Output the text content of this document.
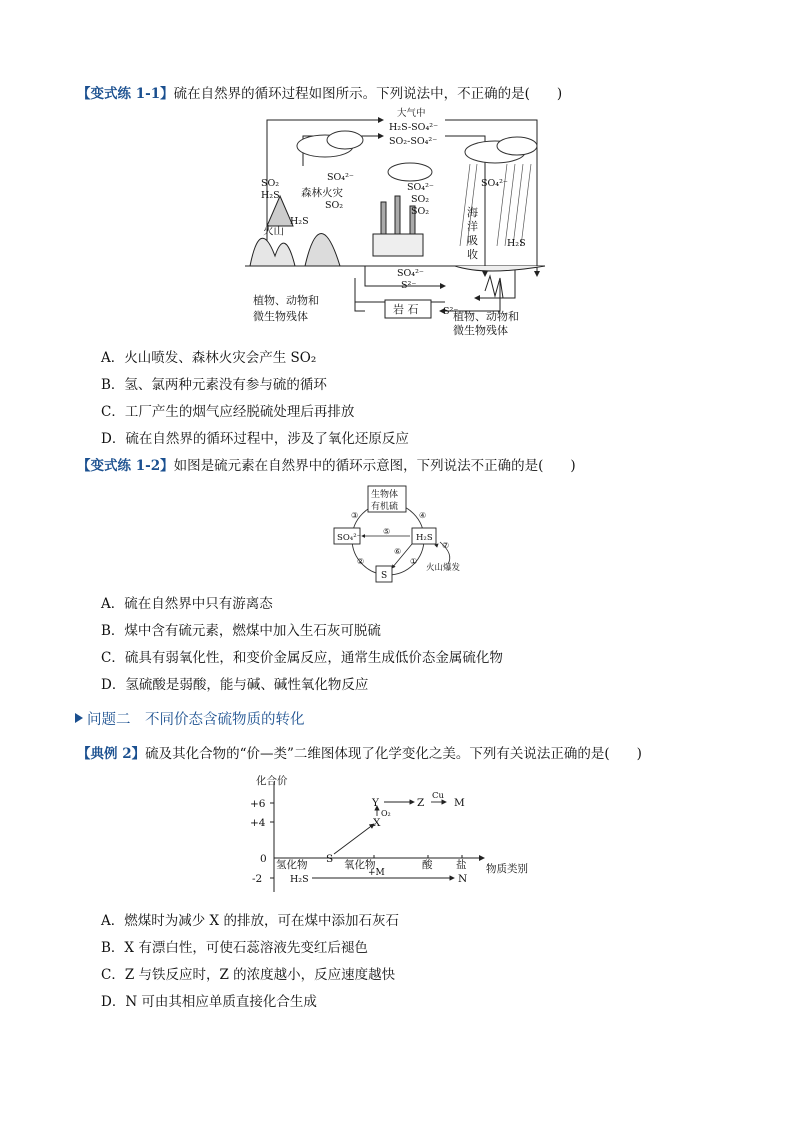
【变式练 1-1】硫在自然界的循环过程如图所示。下列说法中，不正确的是(　　)
大气中
H₂S-SO₄²⁻
SO₂-SO₄²⁻
SO₂
H₂S
SO₄²⁻
森林火灾
SO₂
H₂S
火山
SO₄²⁻
SO₂
SO₂
SO₄²⁻
H₂S
SO₄²⁻
S²⁻
S²⁻
海
洋
吸
收
岩 石
植物、动物和
微生物残体	植物、动物和
微生物残体
A．火山喷发、森林火灾会产生 SO₂
B．氢、氯两种元素没有参与硫的循环
C．工厂产生的烟气应经脱硫处理后再排放
D．硫在自然界的循环过程中，涉及了氧化还原反应
【变式练 1-2】如图是硫元素在自然界中的循环示意图，下列说法不正确的是(　　)
生物体
有机硫
SO₄²⁻	H₂S
S
火山爆发
①
②
③	④
⑤
⑥
⑦
A．硫在自然界中只有游离态
B．煤中含有硫元素，燃煤中加入生石灰可脱硫
C．硫具有弱氧化性，和变价金属反应，通常生成低价态金属硫化物
D．氢硫酸是弱酸，能与碱、碱性氧化物反应
问题二　不同价态含硫物质的转化
【典例 2】硫及其化合物的“价—类”二维图体现了化学变化之美。下列有关说法正确的是(　　)
化合价
物质类别
+6
+4
0
-2
氢化物	氧化物	酸 盐
S
X
Y	Z	M
N
H₂S
O₂
Cu
+M
A．燃煤时为减少 X 的排放，可在煤中添加石灰石
B．X 有漂白性，可使石蕊溶液先变红后褪色
C．Z 与铁反应时，Z 的浓度越小，反应速度越快
D．N 可由其相应单质直接化合生成
